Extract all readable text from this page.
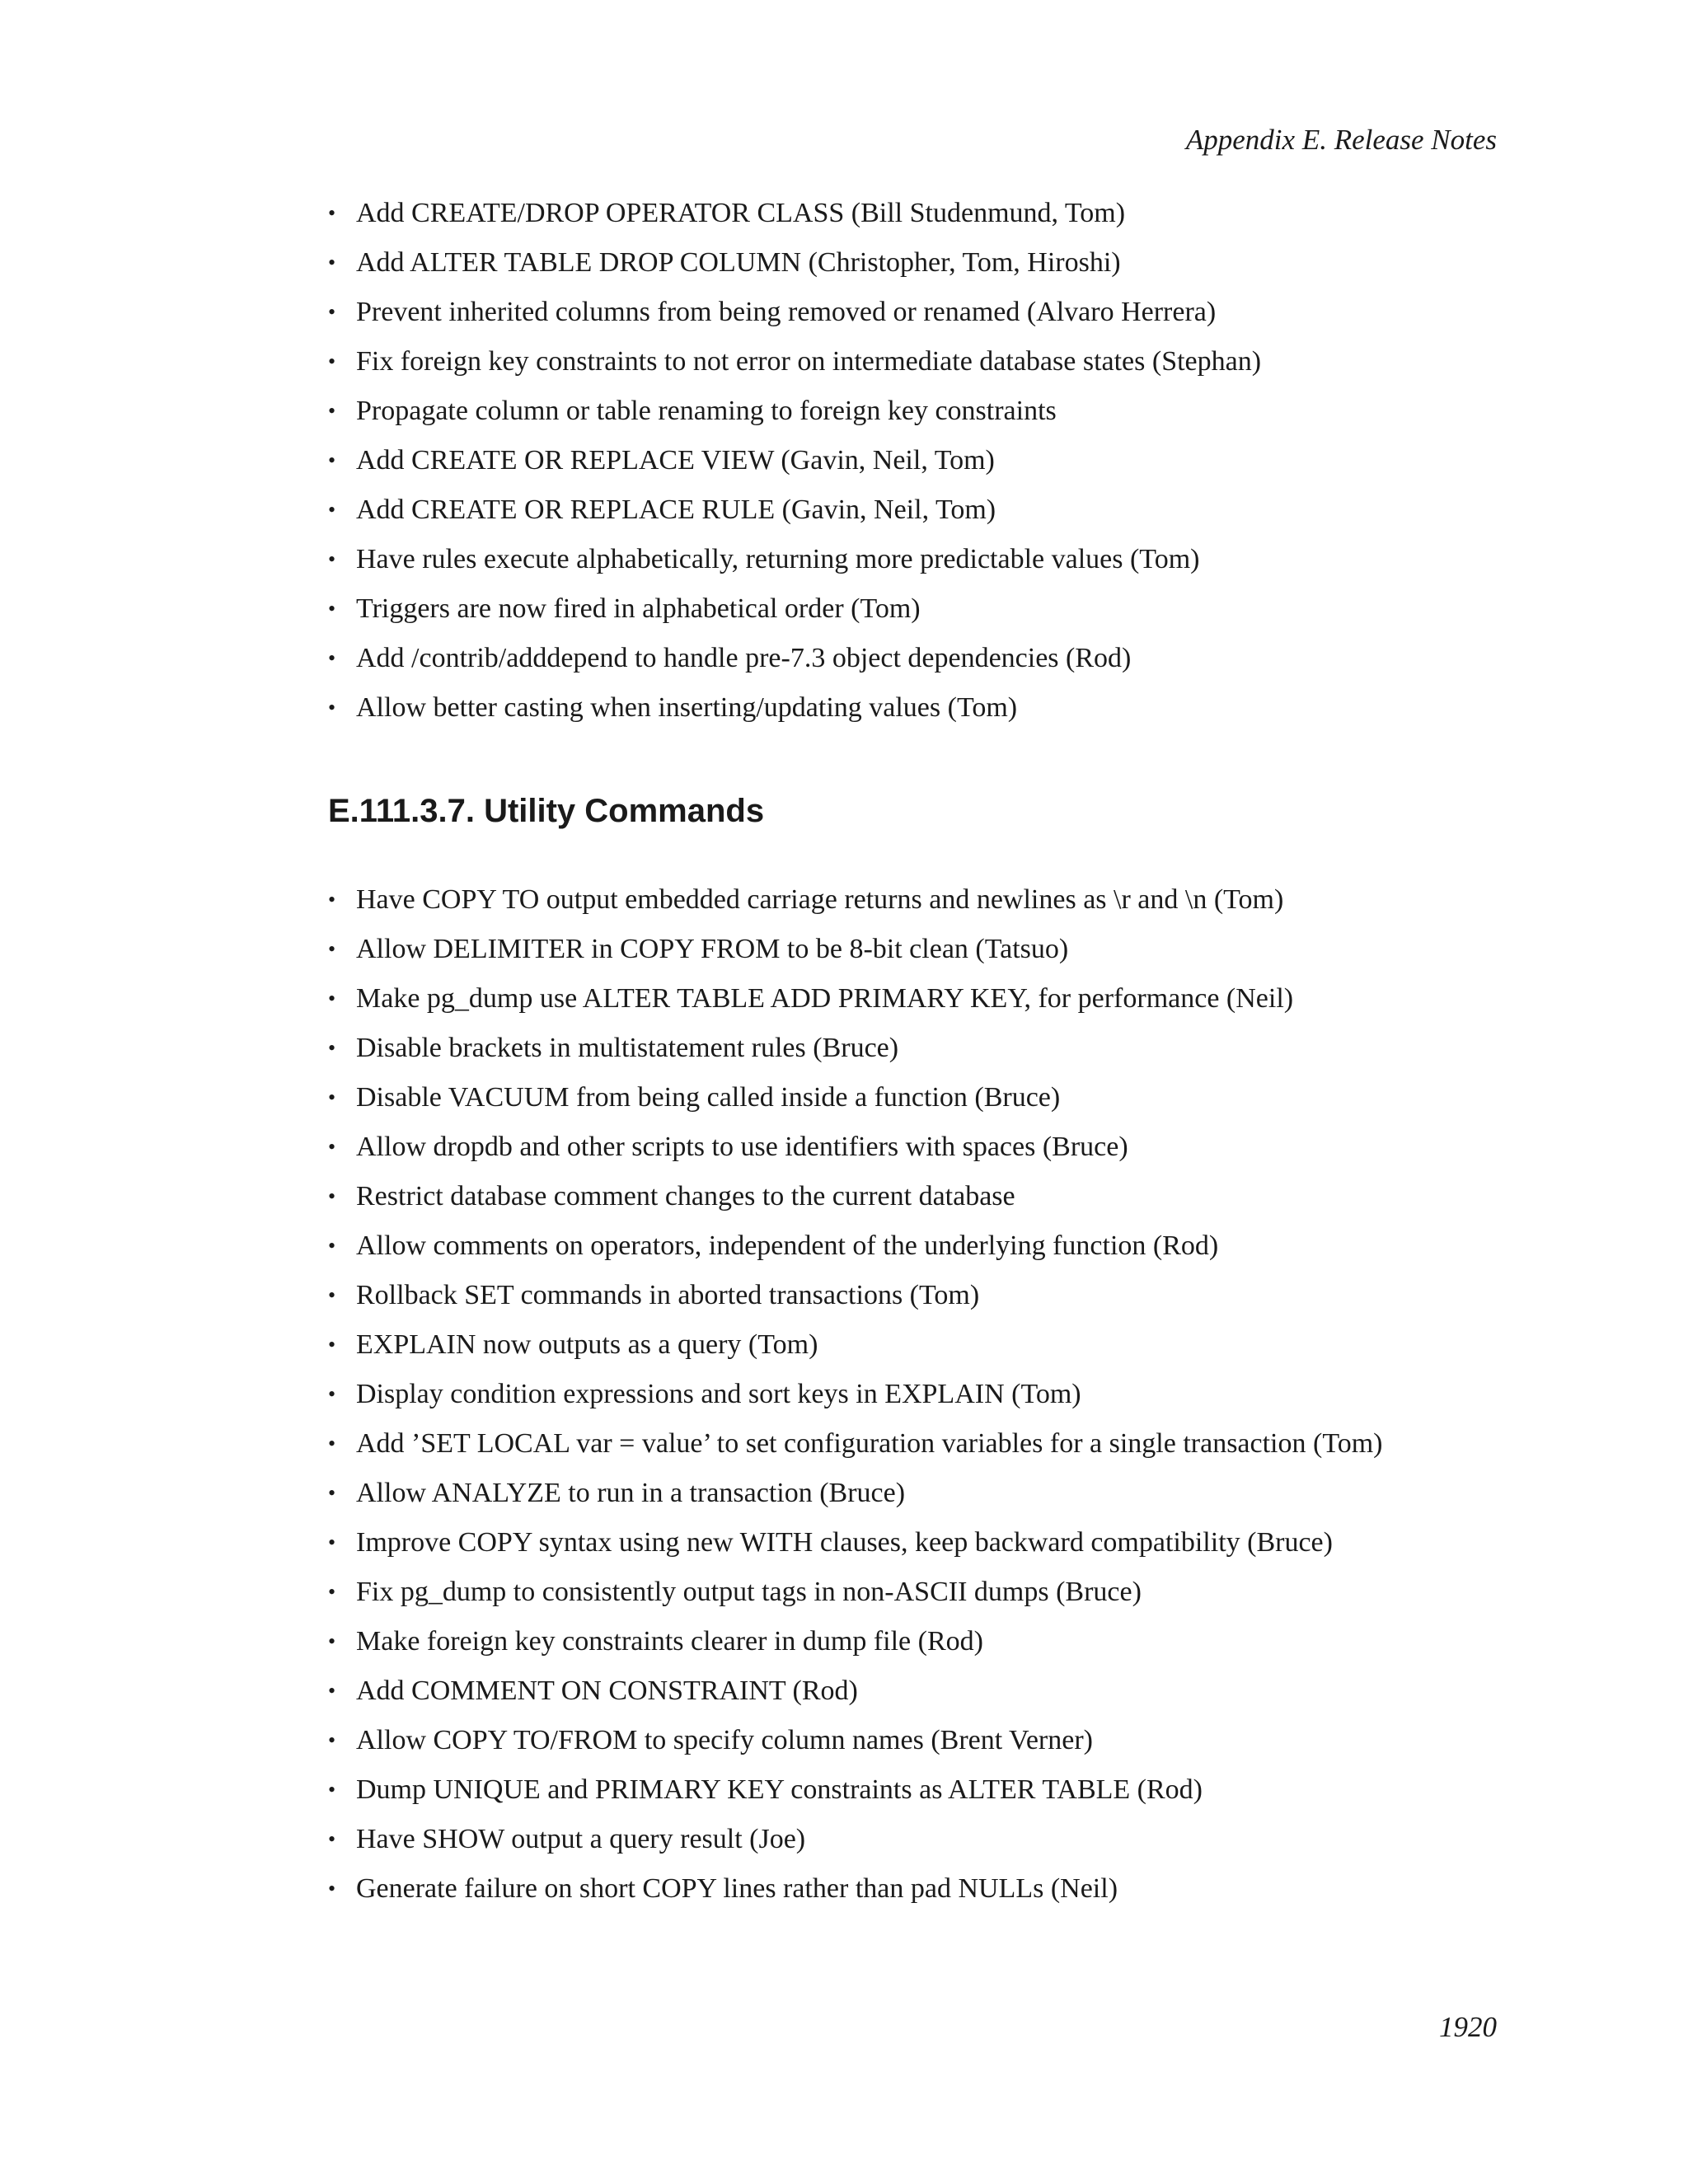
Appendix E. Release Notes
• Add CREATE/DROP OPERATOR CLASS (Bill Studenmund, Tom)
• Add ALTER TABLE DROP COLUMN (Christopher, Tom, Hiroshi)
• Prevent inherited columns from being removed or renamed (Alvaro Herrera)
• Fix foreign key constraints to not error on intermediate database states (Stephan)
• Propagate column or table renaming to foreign key constraints
• Add CREATE OR REPLACE VIEW (Gavin, Neil, Tom)
• Add CREATE OR REPLACE RULE (Gavin, Neil, Tom)
• Have rules execute alphabetically, returning more predictable values (Tom)
• Triggers are now fired in alphabetical order (Tom)
• Add /contrib/adddepend to handle pre-7.3 object dependencies (Rod)
• Allow better casting when inserting/updating values (Tom)
E.111.3.7. Utility Commands
• Have COPY TO output embedded carriage returns and newlines as \r and \n (Tom)
• Allow DELIMITER in COPY FROM to be 8-bit clean (Tatsuo)
• Make pg_dump use ALTER TABLE ADD PRIMARY KEY, for performance (Neil)
• Disable brackets in multistatement rules (Bruce)
• Disable VACUUM from being called inside a function (Bruce)
• Allow dropdb and other scripts to use identifiers with spaces (Bruce)
• Restrict database comment changes to the current database
• Allow comments on operators, independent of the underlying function (Rod)
• Rollback SET commands in aborted transactions (Tom)
• EXPLAIN now outputs as a query (Tom)
• Display condition expressions and sort keys in EXPLAIN (Tom)
• Add ’SET LOCAL var = value’ to set configuration variables for a single transaction (Tom)
• Allow ANALYZE to run in a transaction (Bruce)
• Improve COPY syntax using new WITH clauses, keep backward compatibility (Bruce)
• Fix pg_dump to consistently output tags in non-ASCII dumps (Bruce)
• Make foreign key constraints clearer in dump file (Rod)
• Add COMMENT ON CONSTRAINT (Rod)
• Allow COPY TO/FROM to specify column names (Brent Verner)
• Dump UNIQUE and PRIMARY KEY constraints as ALTER TABLE (Rod)
• Have SHOW output a query result (Joe)
• Generate failure on short COPY lines rather than pad NULLs (Neil)
1920
